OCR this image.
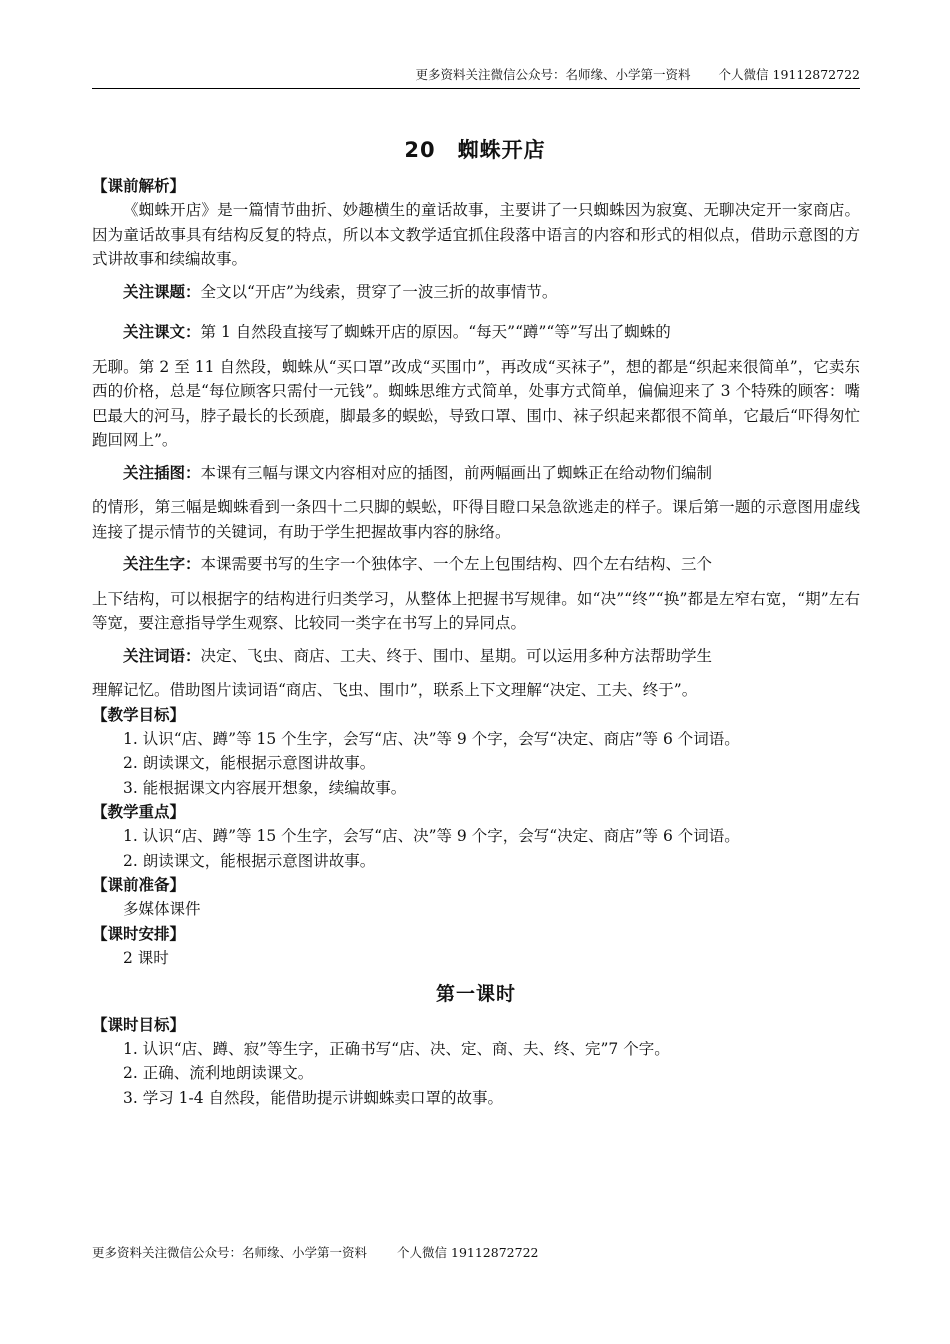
更多资料关注微信公众号：名师缘、小学第一资料 个人微信 19112872722
20 蜘蛛开店
【课前解析】
《蜘蛛开店》是一篇情节曲折、妙趣横生的童话故事，主要讲了一只蜘蛛因为寂寞、无聊决定开一家商店。因为童话故事具有结构反复的特点，所以本文教学适宜抓住段落中语言的内容和形式的相似点，借助示意图的方式讲故事和续编故事。
关注课题：全文以“开店”为线索，贯穿了一波三折的故事情节。
关注课文：第 1 自然段直接写了蜘蛛开店的原因。“每天”“蹲”“等”写出了蜘蛛的
无聊。第 2 至 11 自然段，蜘蛛从“买口罩”改成“买围巾”，再改成“买袜子”，想的都是“织起来很简单”，它卖东西的价格，总是“每位顾客只需付一元钱”。蜘蛛思维方式简单，处事方式简单，偏偏迎来了 3 个特殊的顾客：嘴巴最大的河马，脖子最长的长颈鹿，脚最多的蜈蚣，导致口罩、围巾、袜子织起来都很不简单，它最后“吓得匆忙跑回网上”。
关注插图：本课有三幅与课文内容相对应的插图，前两幅画出了蜘蛛正在给动物们编制
的情形，第三幅是蜘蛛看到一条四十二只脚的蜈蚣，吓得目瞪口呆急欲逃走的样子。课后第一题的示意图用虚线连接了提示情节的关键词，有助于学生把握故事内容的脉络。
关注生字：本课需要书写的生字一个独体字、一个左上包围结构、四个左右结构、三个
上下结构，可以根据字的结构进行归类学习，从整体上把握书写规律。如“决”“终”“换”都是左窄右宽，“期”左右等宽，要注意指导学生观察、比较同一类字在书写上的异同点。
关注词语：决定、飞虫、商店、工夫、终于、围巾、星期。可以运用多种方法帮助学生
理解记忆。借助图片读词语“商店、飞虫、围巾”，联系上下文理解“决定、工夫、终于”。
【教学目标】
1. 认识“店、蹲”等 15 个生字，会写“店、决”等 9 个字，会写“决定、商店”等 6 个词语。
2. 朗读课文，能根据示意图讲故事。
3. 能根据课文内容展开想象，续编故事。
【教学重点】
1. 认识“店、蹲”等 15 个生字，会写“店、决”等 9 个字，会写“决定、商店”等 6 个词语。
2. 朗读课文，能根据示意图讲故事。
【课前准备】
多媒体课件
【课时安排】
2 课时
第一课时
【课时目标】
1. 认识“店、蹲、寂”等生字，正确书写“店、决、定、商、夫、终、完”7 个字。
2. 正确、流利地朗读课文。
3. 学习 1-4 自然段，能借助提示讲蜘蛛卖口罩的故事。
更多资料关注微信公众号：名师缘、小学第一资料 个人微信 19112872722
